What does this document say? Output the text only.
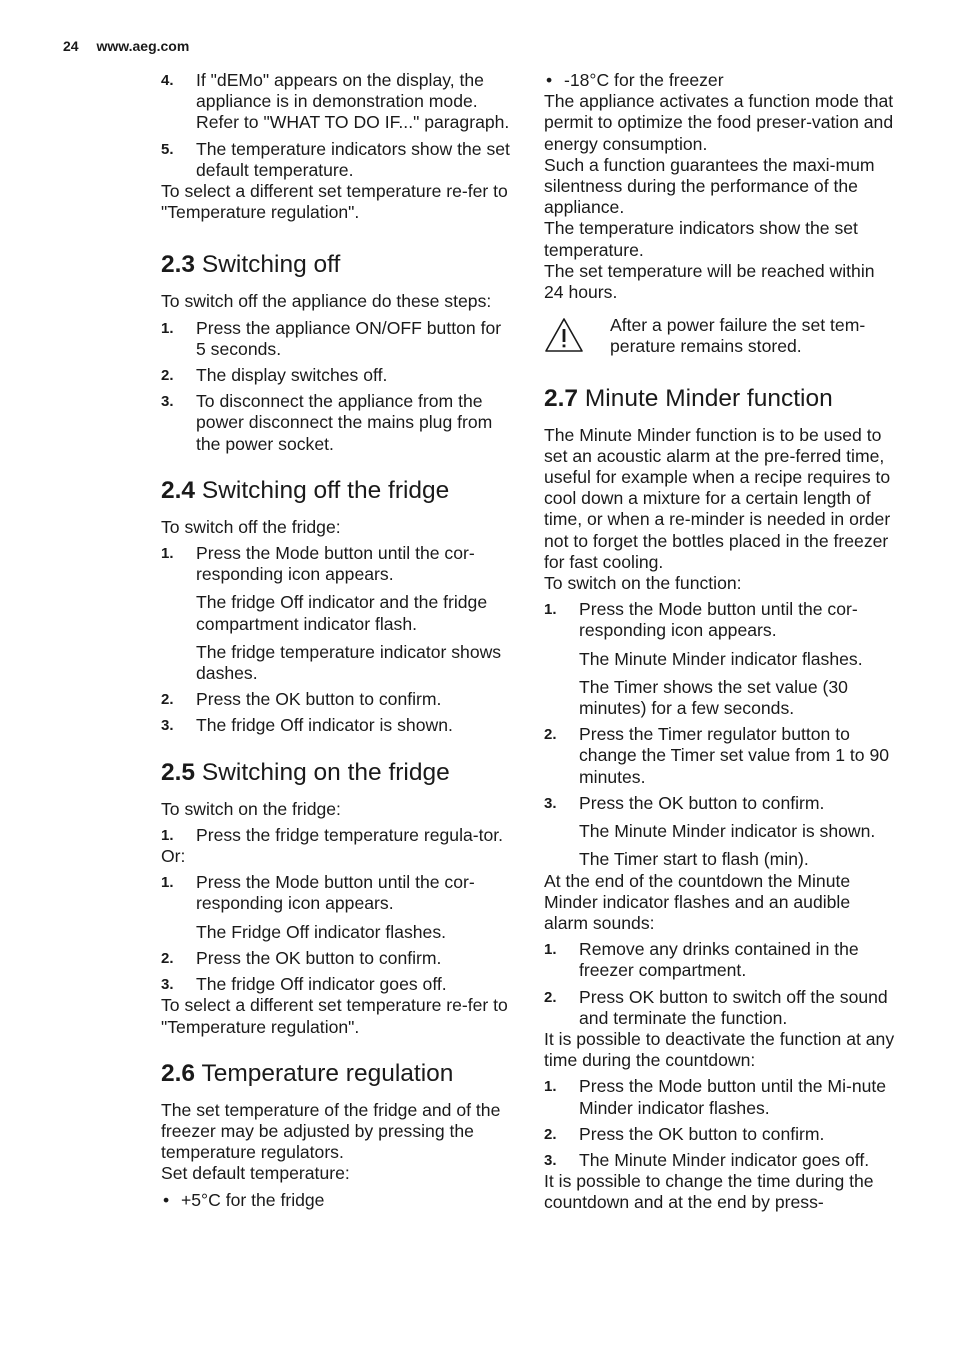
24 www.aeg.com
4. If "dEMo" appears on the display, the appliance is in demonstration mode. Refer to "WHAT TO DO IF..." paragraph.
5. The temperature indicators show the set default temperature.

To select a different set temperature re-fer to "Temperature regulation".

2.3 Switching off

To switch off the appliance do these steps:

1. Press the appliance ON/OFF button for 5 seconds.
2. The display switches off.
3. To disconnect the appliance from the power disconnect the mains plug from the power socket.
2.4 Switching off the fridge

To switch off the fridge:

1. Press the Mode button until the cor-responding icon appears.

The fridge Off indicator and the fridge compartment indicator flash.

The fridge temperature indicator shows dashes.

2. Press the OK button to confirm.
3. The fridge Off indicator is shown.
2.5 Switching on the fridge

To switch on the fridge:

1. Press the fridge temperature regula-tor.

Or:

1. Press the Mode button until the cor-responding icon appears.

The Fridge Off indicator flashes.

2. Press the OK button to confirm.
3. The fridge Off indicator goes off.

To select a different set temperature re-fer to "Temperature regulation".

2.6 Temperature regulation

The set temperature of the fridge and of the freezer may be adjusted by pressing the temperature regulators.

Set default temperature:

• +5°C for the fridge

• -18°C for the freezer

The appliance activates a function mode that permit to optimize the food preser-vation and energy consumption.

Such a function guarantees the maxi-mum silentness during the performance of the appliance.

The temperature indicators show the set temperature.

The set temperature will be reached within 24 hours.

After a power failure the set tem-perature remains stored.

2.7 Minute Minder function

The Minute Minder function is to be used to set an acoustic alarm at the pre-ferred time, useful for example when a recipe requires to cool down a mixture for a certain length of time, or when a re-minder is needed in order not to forget the bottles placed in the freezer for fast cooling.

To switch on the function:

1. Press the Mode button until the cor-responding icon appears.

The Minute Minder indicator flashes.

The Timer shows the set value (30 minutes) for a few seconds.

2. Press the Timer regulator button to change the Timer set value from 1 to 90 minutes.
3. Press the OK button to confirm.

The Minute Minder indicator is shown.

The Timer start to flash (min).

At the end of the countdown the Minute Minder indicator flashes and an audible alarm sounds:

1. Remove any drinks contained in the freezer compartment.
2. Press OK button to switch off the sound and terminate the function.

It is possible to deactivate the function at any time during the countdown:

1. Press the Mode button until the Mi-nute Minder indicator flashes.
2. Press the OK button to confirm.
3. The Minute Minder indicator goes off.

It is possible to change the time during the countdown and at the end by press-
